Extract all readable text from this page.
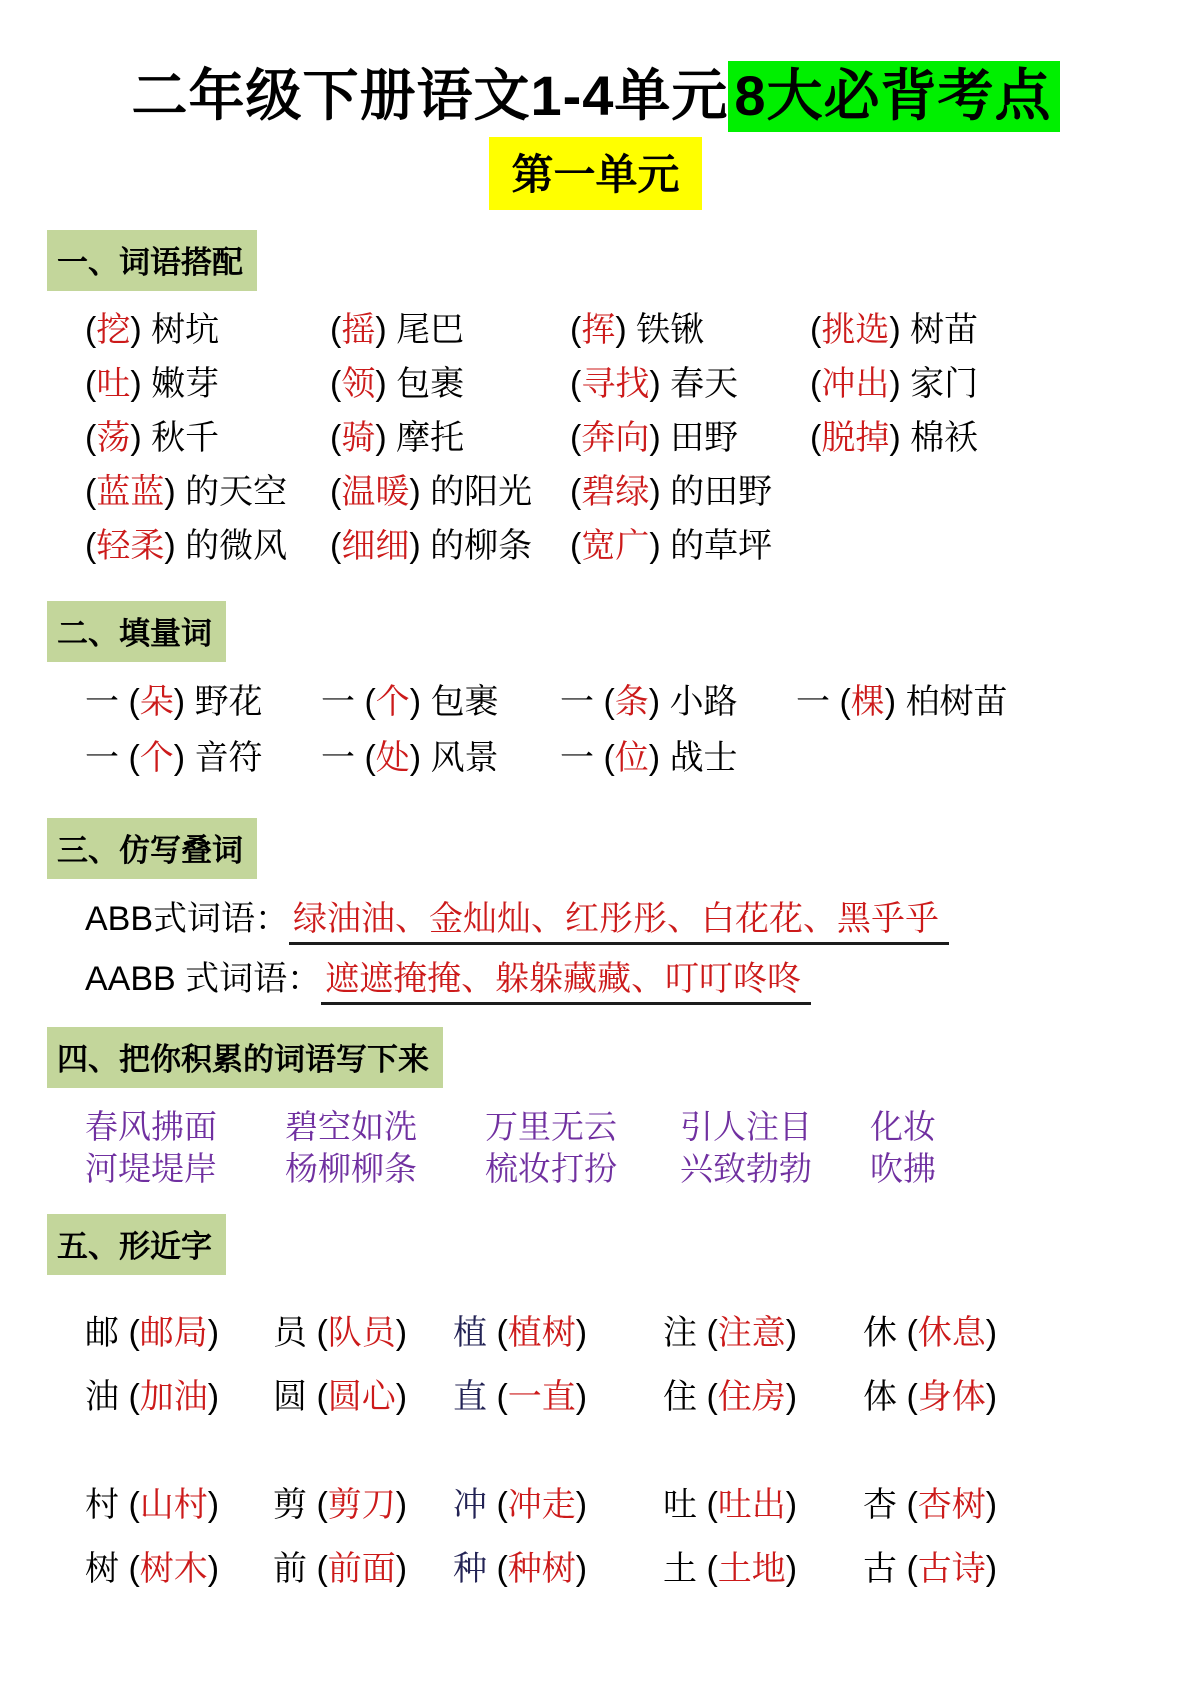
二年级下册语文1-4单元 8大必背考点
第一单元
一、词语搭配
(挖) 树坑	(摇) 尾巴	(挥) 铁锹	(挑选) 树苗
(吐) 嫩芽	(领) 包裹	(寻找) 春天	(冲出) 家门
(荡) 秋千	(骑) 摩托	(奔向) 田野	(脱掉) 棉袄
(蓝蓝) 的天空	(温暖) 的阳光	(碧绿) 的田野
(轻柔) 的微风	(细细) 的柳条	(宽广) 的草坪
二、填量词
一 (朵) 野花	一 (个) 包裹	一 (条) 小路	一 (棵) 柏树苗
一 (个) 音符	一 (处) 风景	一 (位) 战士
三、仿写叠词
ABB式词语： 绿油油、金灿灿、红彤彤、白花花、黑乎乎
AABB 式词语： 遮遮掩掩、躲躲藏藏、叮叮咚咚
四、把你积累的词语写下来
春风拂面	碧空如洗	万里无云	引人注目	化妆
河堤堤岸	杨柳柳条	梳妆打扮	兴致勃勃	吹拂
五、形近字
邮 (邮局)	员 (队员)	植 (植树)	注 (注意)	休 (休息)
油 (加油)	圆 (圆心)	直 (一直)	住 (住房)	体 (身体)
村 (山村)	剪 (剪刀)	冲 (冲走)	吐 (吐出)	杏 (杏树)
树 (树木)	前 (前面)	种 (种树)	土 (土地)	古 (古诗)
